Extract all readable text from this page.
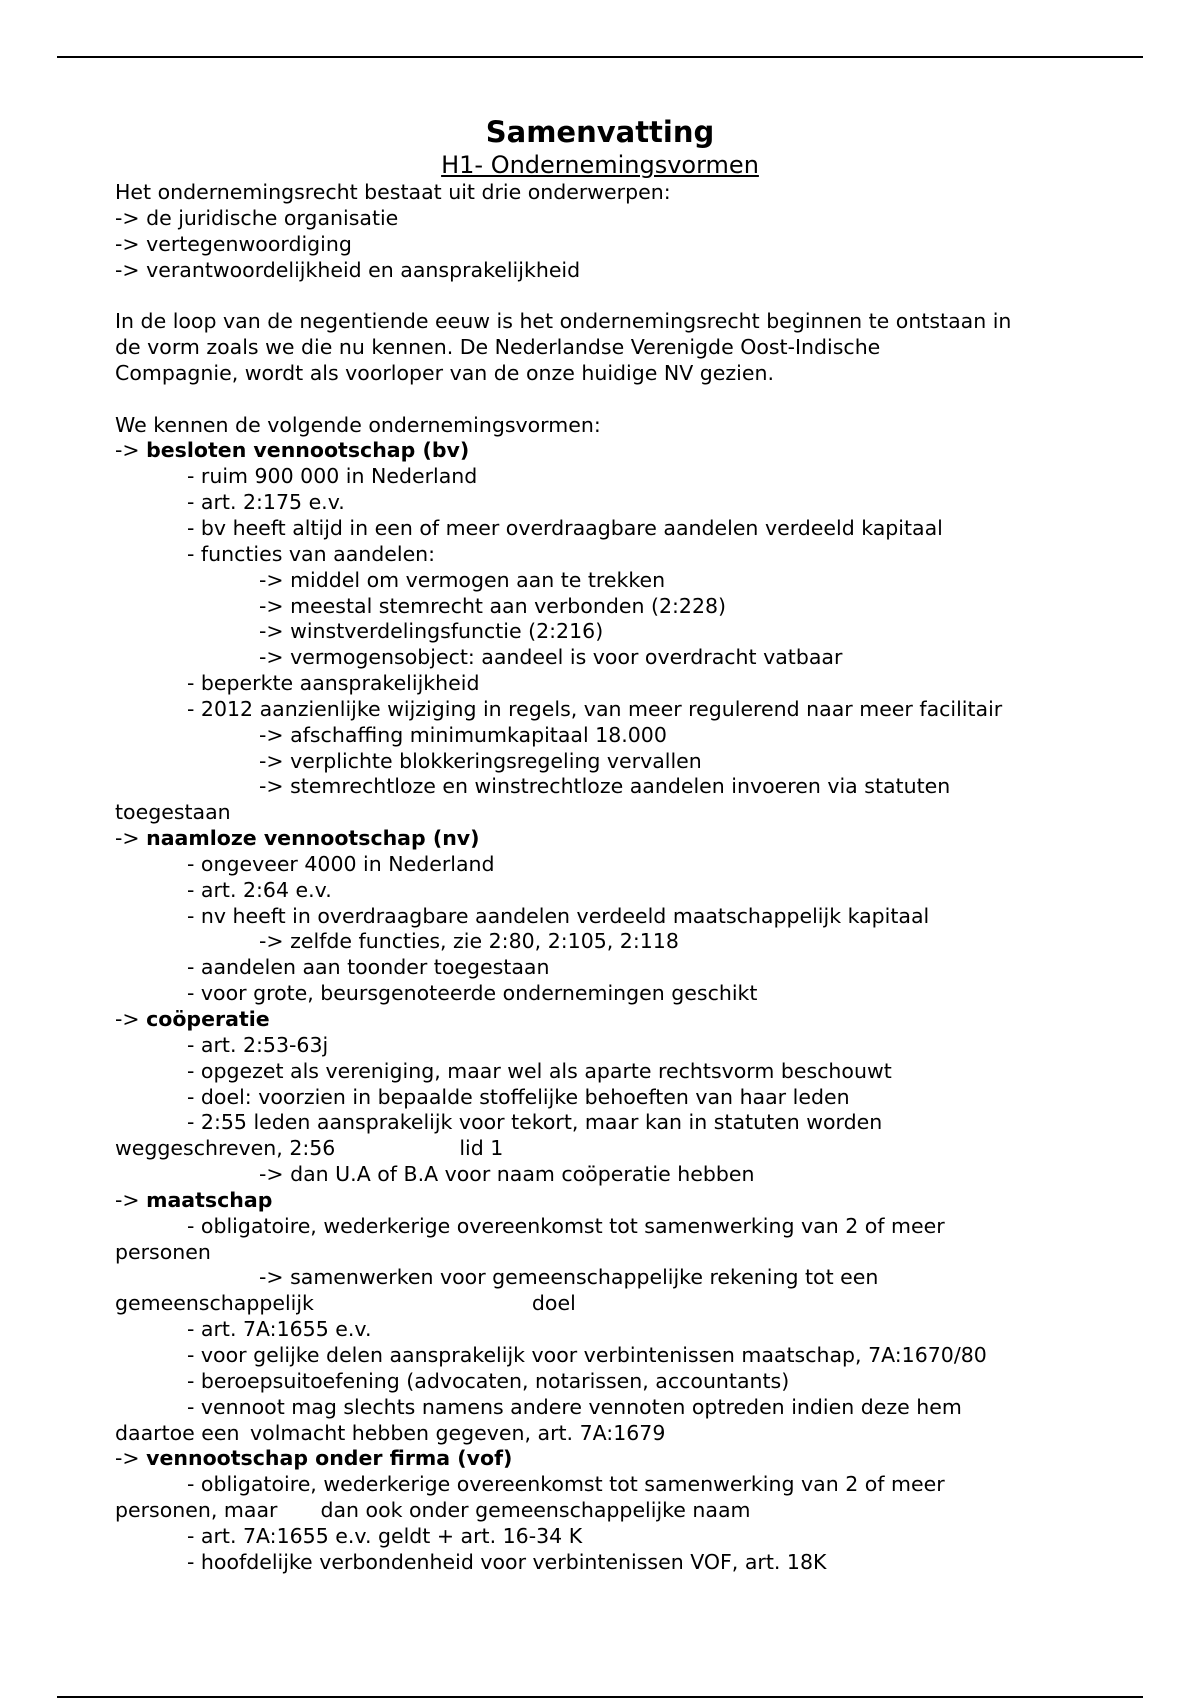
Samenvatting
H1- Ondernemingsvormen
Het ondernemingsrecht bestaat uit drie onderwerpen:
-> de juridische organisatie
-> vertegenwoordiging
-> verantwoordelijkheid en aansprakelijkheid
In de loop van de negentiende eeuw is het ondernemingsrecht beginnen te ontstaan in
de vorm zoals we die nu kennen. De Nederlandse Verenigde Oost-Indische
Compagnie, wordt als voorloper van de onze huidige NV gezien.
We kennen de volgende ondernemingsvormen:
-> besloten vennootschap (bv)
- ruim 900 000 in Nederland
- art. 2:175 e.v.
- bv heeft altijd in een of meer overdraagbare aandelen verdeeld kapitaal
- functies van aandelen:
-> middel om vermogen aan te trekken
-> meestal stemrecht aan verbonden (2:228)
-> winstverdelingsfunctie (2:216)
-> vermogensobject: aandeel is voor overdracht vatbaar
- beperkte aansprakelijkheid
- 2012 aanzienlijke wijziging in regels, van meer regulerend naar meer facilitair
-> afschaffing minimumkapitaal 18.000
-> verplichte blokkeringsregeling vervallen
-> stemrechtloze en winstrechtloze aandelen invoeren via statuten
toegestaan
-> naamloze vennootschap (nv)
- ongeveer 4000 in Nederland
- art. 2:64 e.v.
- nv heeft in overdraagbare aandelen verdeeld maatschappelijk kapitaal
-> zelfde functies, zie 2:80, 2:105, 2:118
- aandelen aan toonder toegestaan
- voor grote, beursgenoteerde ondernemingen geschikt
-> coöperatie
- art. 2:53-63j
- opgezet als vereniging, maar wel als aparte rechtsvorm beschouwt
- doel: voorzien in bepaalde stoffelijke behoeften van haar leden
- 2:55 leden aansprakelijk voor tekort, maar kan in statuten worden
weggeschreven, 2:56	lid 1
-> dan U.A of B.A voor naam coöperatie hebben
-> maatschap
- obligatoire, wederkerige overeenkomst tot samenwerking van 2 of meer
personen
-> samenwerken voor gemeenschappelijke rekening tot een
gemeenschappelijk	doel
- art. 7A:1655 e.v.
- voor gelijke delen aansprakelijk voor verbintenissen maatschap, 7A:1670/80
- beroepsuitoefening (advocaten, notarissen, accountants)
- vennoot mag slechts namens andere vennoten optreden indien deze hem
daartoe een volmacht hebben gegeven, art. 7A:1679
-> vennootschap onder firma (vof)
- obligatoire, wederkerige overeenkomst tot samenwerking van 2 of meer
personen, maar dan ook onder gemeenschappelijke naam
- art. 7A:1655 e.v. geldt + art. 16-34 K
- hoofdelijke verbondenheid voor verbintenissen VOF, art. 18K
